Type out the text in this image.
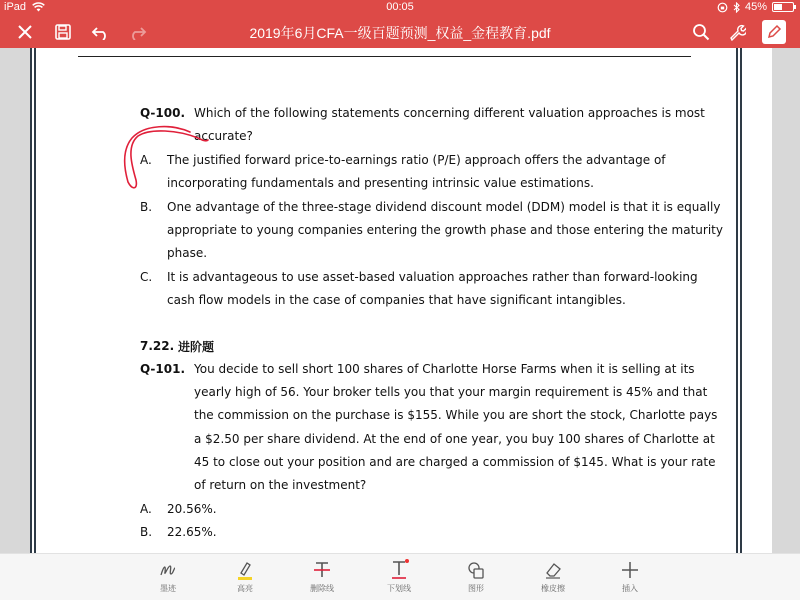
iPad	00:05	45%
2019年6月CFA一级百题预测_权益_金程教育.pdf
Q-100. Which of the following statements concerning different valuation approaches is most
accurate?
A. The justified forward price-to-earnings ratio (P/E) approach offers the advantage of
incorporating fundamentals and presenting intrinsic value estimations.
B. One advantage of the three-stage dividend discount model (DDM) model is that it is equally
appropriate to young companies entering the growth phase and those entering the maturity
phase.
C. It is advantageous to use asset-based valuation approaches rather than forward-looking
cash flow models in the case of companies that have significant intangibles.
7.22. 进阶题
Q-101. You decide to sell short 100 shares of Charlotte Horse Farms when it is selling at its
yearly high of 56. Your broker tells you that your margin requirement is 45% and that
the commission on the purchase is $155. While you are short the stock, Charlotte pays
a $2.50 per share dividend. At the end of one year, you buy 100 shares of Charlotte at
45 to close out your position and are charged a commission of $145. What is your rate
of return on the investment?
A. 20.56%.
B. 22.65%.
墨迹	高亮	删除线	下划线	图形	橡皮擦	插入
